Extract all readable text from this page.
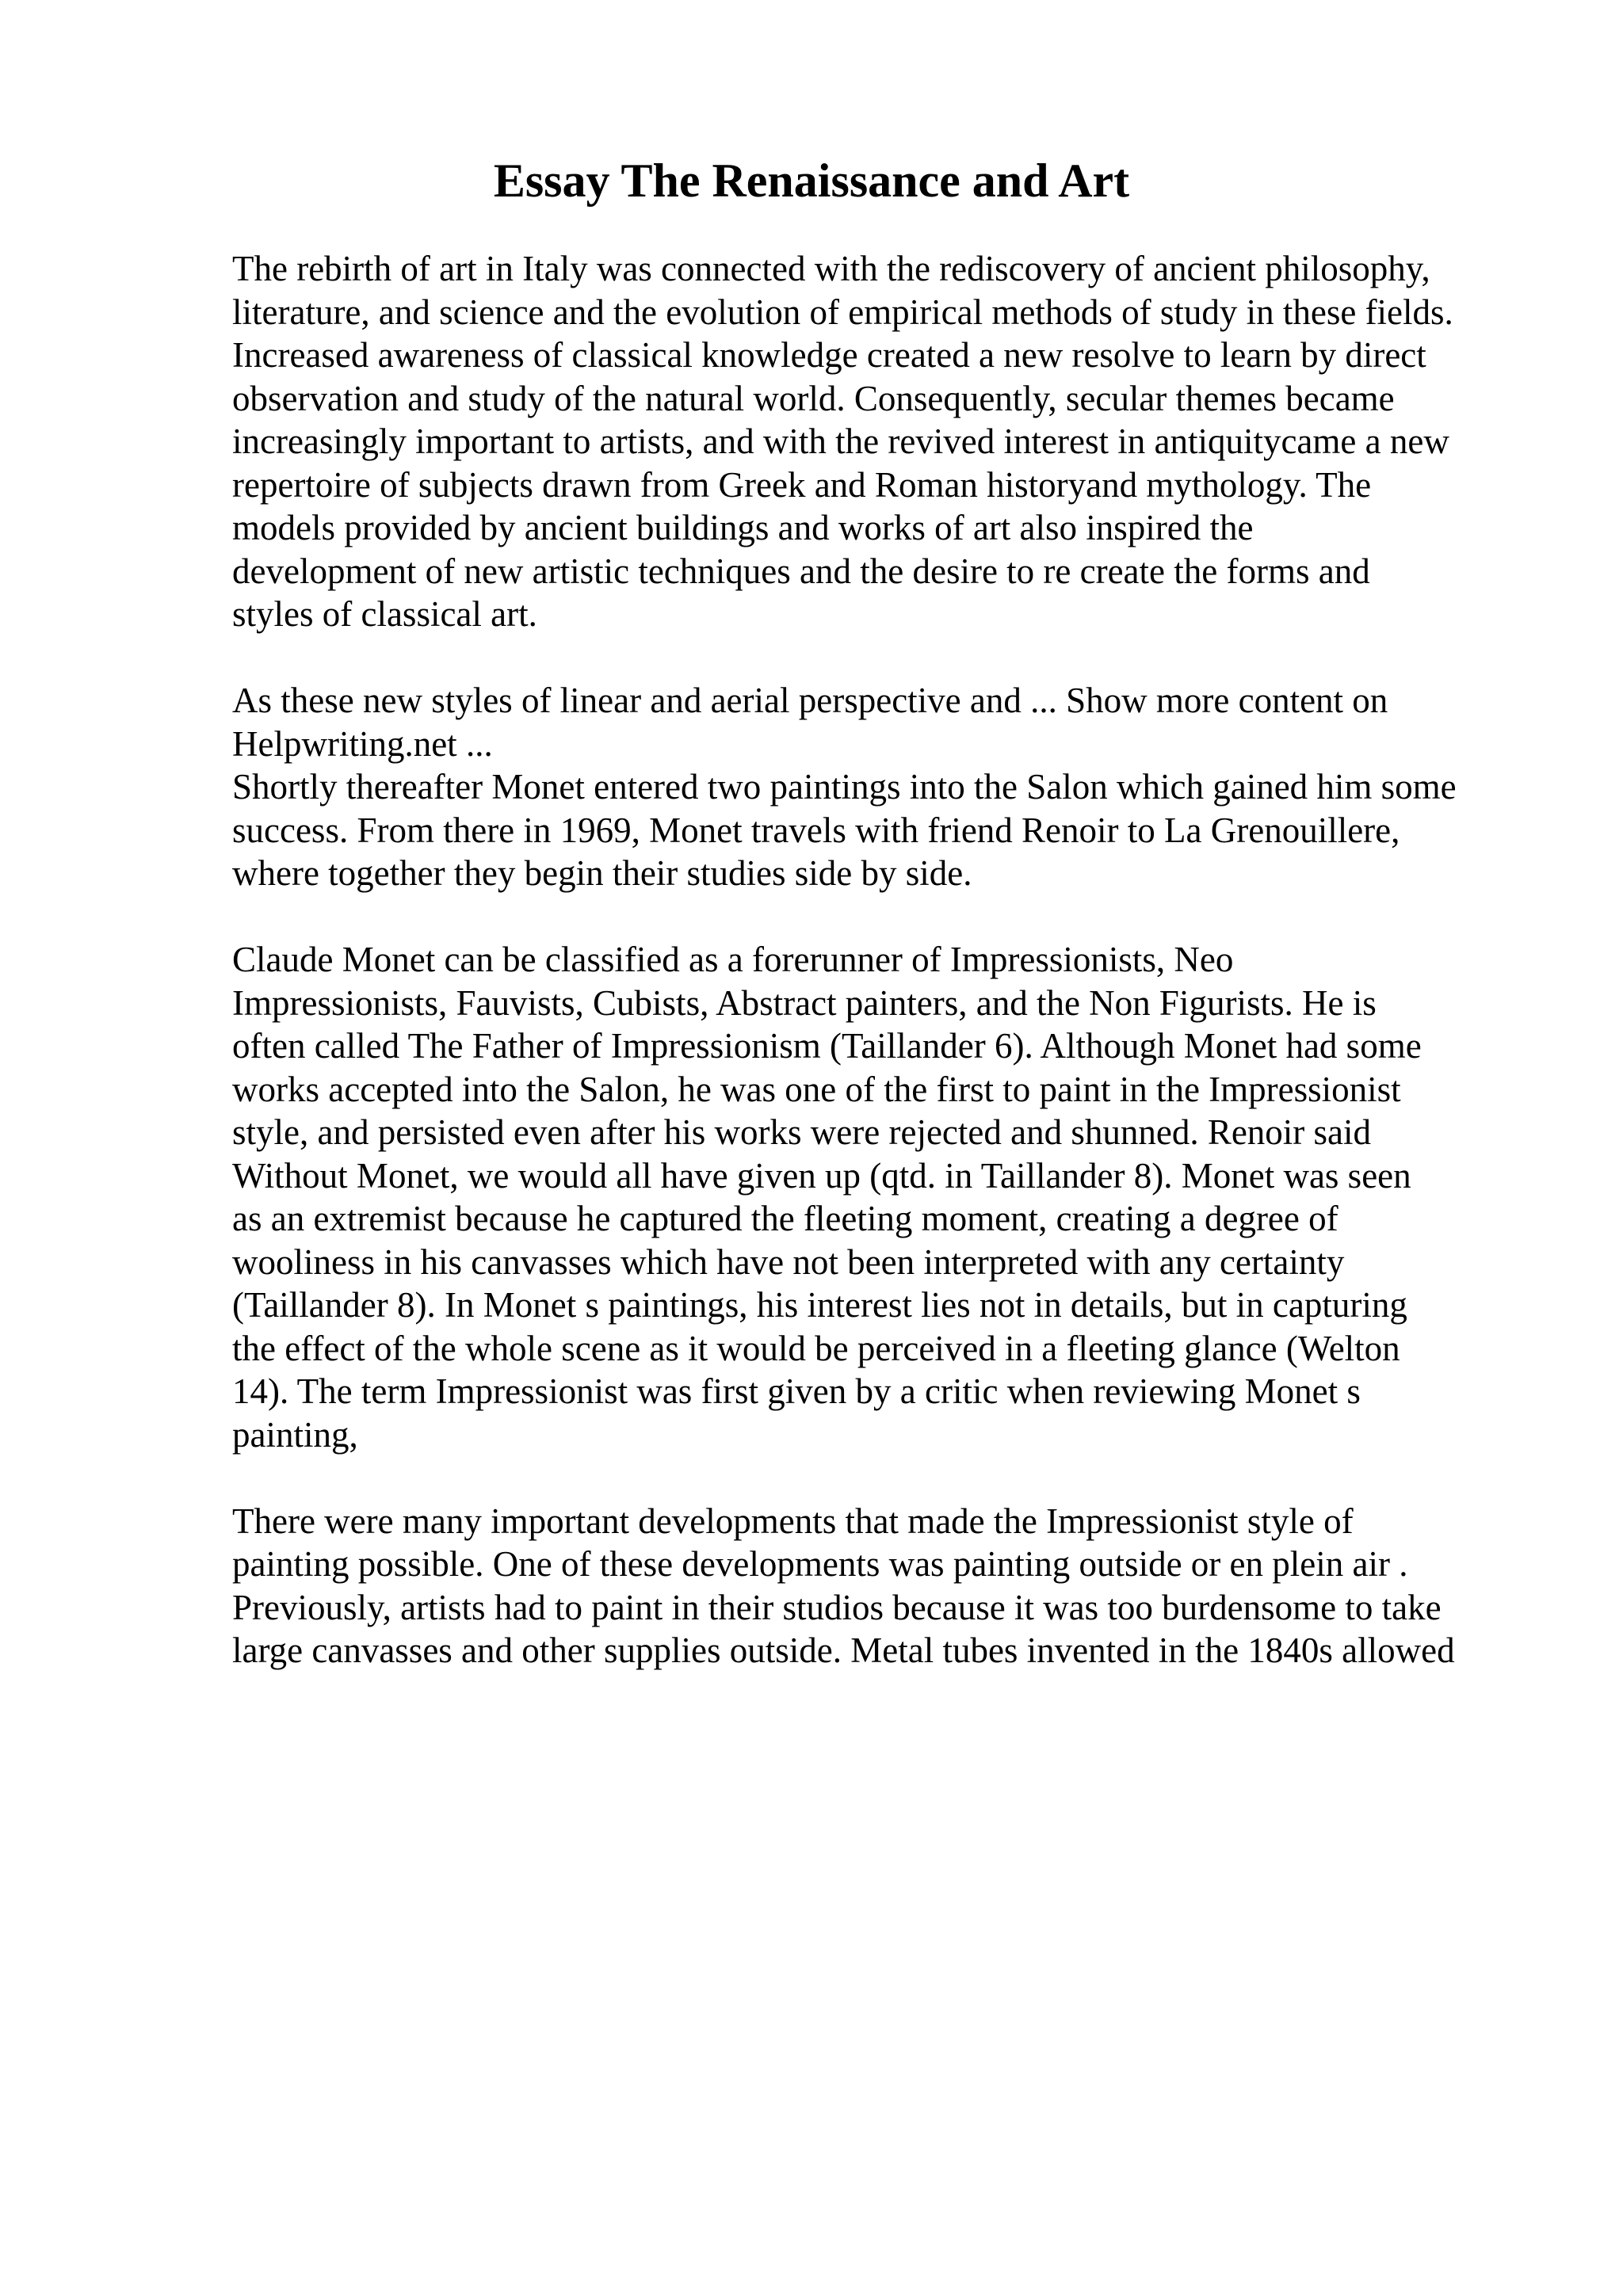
Essay The Renaissance and Art
The rebirth of art in Italy was connected with the rediscovery of ancient philosophy,
literature, and science and the evolution of empirical methods of study in these fields.
Increased awareness of classical knowledge created a new resolve to learn by direct
observation and study of the natural world. Consequently, secular themes became
increasingly important to artists, and with the revived interest in antiquitycame a new
repertoire of subjects drawn from Greek and Roman historyand mythology. The
models provided by ancient buildings and works of art also inspired the
development of new artistic techniques and the desire to re create the forms and
styles of classical art.
As these new styles of linear and aerial perspective and ... Show more content on
Helpwriting.net ...
Shortly thereafter Monet entered two paintings into the Salon which gained him some
success. From there in 1969, Monet travels with friend Renoir to La Grenouillere,
where together they begin their studies side by side.
Claude Monet can be classified as a forerunner of Impressionists, Neo
Impressionists, Fauvists, Cubists, Abstract painters, and the Non Figurists. He is
often called The Father of Impressionism (Taillander 6). Although Monet had some
works accepted into the Salon, he was one of the first to paint in the Impressionist
style, and persisted even after his works were rejected and shunned. Renoir said
Without Monet, we would all have given up (qtd. in Taillander 8). Monet was seen
as an extremist because he captured the fleeting moment, creating a degree of
wooliness in his canvasses which have not been interpreted with any certainty
(Taillander 8). In Monet s paintings, his interest lies not in details, but in capturing
the effect of the whole scene as it would be perceived in a fleeting glance (Welton
14). The term Impressionist was first given by a critic when reviewing Monet s
painting,
There were many important developments that made the Impressionist style of
painting possible. One of these developments was painting outside or en plein air .
Previously, artists had to paint in their studios because it was too burdensome to take
large canvasses and other supplies outside. Metal tubes invented in the 1840s allowed
